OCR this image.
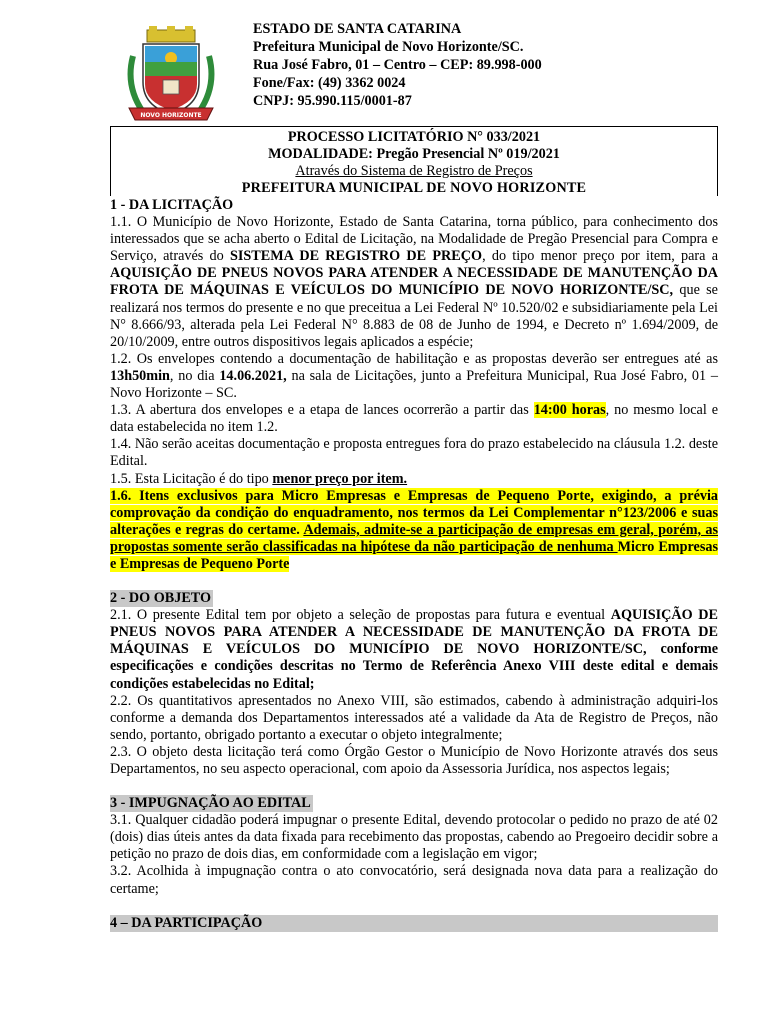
NOVO HORIZONTE
ESTADO DE SANTA CATARINA
Prefeitura Municipal de Novo Horizonte/SC.
Rua José Fabro, 01 – Centro – CEP: 89.998-000
Fone/Fax: (49) 3362 0024
CNPJ: 95.990.115/0001-87
PROCESSO LICITATÓRIO N° 033/2021
MODALIDADE: Pregão Presencial Nº 019/2021
Através do Sistema de Registro de Preços
PREFEITURA MUNICIPAL DE NOVO HORIZONTE
1 - DA LICITAÇÃO

1.1. O Município de Novo Horizonte, Estado de Santa Catarina, torna público, para conhecimento dos interessados que se acha aberto o Edital de Licitação, na Modalidade de Pregão Presencial para Compra e Serviço, através do SISTEMA DE REGISTRO DE PREÇO, do tipo menor preço por item, para a AQUISIÇÃO DE PNEUS NOVOS PARA ATENDER A NECESSIDADE DE MANUTENÇÃO DA FROTA DE MÁQUINAS E VEÍCULOS DO MUNICÍPIO DE NOVO HORIZONTE/SC, que se realizará nos termos do presente e no que preceitua a Lei Federal Nº 10.520/02 e subsidiariamente pela Lei N° 8.666/93, alterada pela Lei Federal N° 8.883 de 08 de Junho de 1994, e Decreto nº 1.694/2009, de 20/10/2009, entre outros dispositivos legais aplicados a espécie;

1.2. Os envelopes contendo a documentação de habilitação e as propostas deverão ser entregues até as 13h50min, no dia 14.06.2021, na sala de Licitações, junto a Prefeitura Municipal, Rua José Fabro, 01 – Novo Horizonte – SC.

1.3. A abertura dos envelopes e a etapa de lances ocorrerão a partir das 14:00 horas, no mesmo local e data estabelecida no item 1.2.

1.4. Não serão aceitas documentação e proposta entregues fora do prazo estabelecido na cláusula 1.2. deste Edital.

1.5. Esta Licitação é do tipo menor preço por item.

1.6. Itens exclusivos para Micro Empresas e Empresas de Pequeno Porte, exigindo, a prévia comprovação da condição do enquadramento, nos termos da Lei Complementar n°123/2006 e suas alterações e regras do certame. Ademais, admite-se a participação de empresas em geral, porém, as propostas somente serão classificadas na hipótese da não participação de nenhuma Micro Empresas e Empresas de Pequeno Porte

2 - DO OBJETO

2.1. O presente Edital tem por objeto a seleção de propostas para futura e eventual AQUISIÇÃO DE PNEUS NOVOS PARA ATENDER A NECESSIDADE DE MANUTENÇÃO DA FROTA DE MÁQUINAS E VEÍCULOS DO MUNICÍPIO DE NOVO HORIZONTE/SC, conforme especificações e condições descritas no Termo de Referência Anexo VIII deste edital e demais condições estabelecidas no Edital;

2.2. Os quantitativos apresentados no Anexo VIII, são estimados, cabendo à administração adquiri-los conforme a demanda dos Departamentos interessados até a validade da Ata de Registro de Preços, não sendo, portanto, obrigado portanto a executar o objeto integralmente;

2.3. O objeto desta licitação terá como Órgão Gestor o Município de Novo Horizonte através dos seus Departamentos, no seu aspecto operacional, com apoio da Assessoria Jurídica, nos aspectos legais;

3 - IMPUGNAÇÃO AO EDITAL

3.1. Qualquer cidadão poderá impugnar o presente Edital, devendo protocolar o pedido no prazo de até 02 (dois) dias úteis antes da data fixada para recebimento das propostas, cabendo ao Pregoeiro decidir sobre a petição no prazo de dois dias, em conformidade com a legislação em vigor;

3.2. Acolhida à impugnação contra o ato convocatório, será designada nova data para a realização do certame;

4 – DA PARTICIPAÇÃO
